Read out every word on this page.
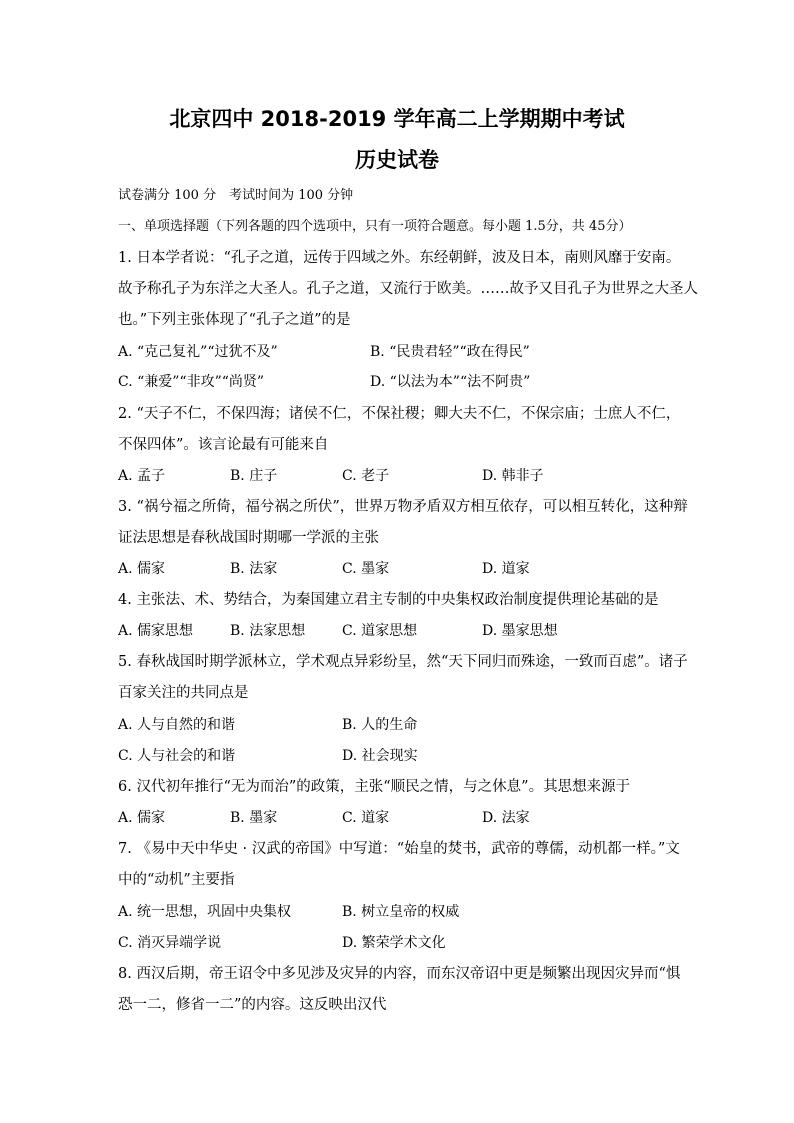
北京四中 2018-2019 学年高二上学期期中考试
历史试卷
试卷满分 100 分　考试时间为 100 分钟
一、单项选择题（下列各题的四个选项中，只有一项符合题意。每小题 1.5分，共 45分）
1. 日本学者说：“孔子之道，远传于四域之外。东经朝鲜，波及日本，南则风靡于安南。
故予称孔子为东洋之大圣人。孔子之道，又流行于欧美。……故予又目孔子为世界之大圣人
也。”下列主张体现了“孔子之道”的是
A. “克己复礼”“过犹不及”	B. “民贵君轻”“政在得民”
C. “兼爱”“非攻”“尚贤”	D. “以法为本”“法不阿贵”
2. “天子不仁，不保四海；诸侯不仁，不保社稷；卿大夫不仁，不保宗庙；士庶人不仁，
不保四体”。该言论最有可能来自
A. 孟子	B. 庄子	C. 老子	D. 韩非子
3. “祸兮福之所倚，福兮祸之所伏”，世界万物矛盾双方相互依存，可以相互转化，这种辩
证法思想是春秋战国时期哪一学派的主张
A. 儒家	B. 法家	C. 墨家	D. 道家
4. 主张法、术、势结合，为秦国建立君主专制的中央集权政治制度提供理论基础的是
A. 儒家思想	B. 法家思想	C. 道家思想	D. 墨家思想
5. 春秋战国时期学派林立，学术观点异彩纷呈，然“天下同归而殊途，一致而百虑”。诸子
百家关注的共同点是
A. 人与自然的和谐	B. 人的生命
C. 人与社会的和谐	D. 社会现实
6. 汉代初年推行“无为而治”的政策，主张“顺民之情，与之休息”。其思想来源于
A. 儒家	B. 墨家	C. 道家	D. 法家
7. 《易中天中华史 · 汉武的帝国》中写道：“始皇的焚书，武帝的尊儒，动机都一样。”文
中的“动机”主要指
A. 统一思想，巩固中央集权	B. 树立皇帝的权威
C. 消灭异端学说	D. 繁荣学术文化
8. 西汉后期，帝王诏令中多见涉及灾异的内容，而东汉帝诏中更是频繁出现因灾异而“惧
恐一二，修省一二”的内容。这反映出汉代
